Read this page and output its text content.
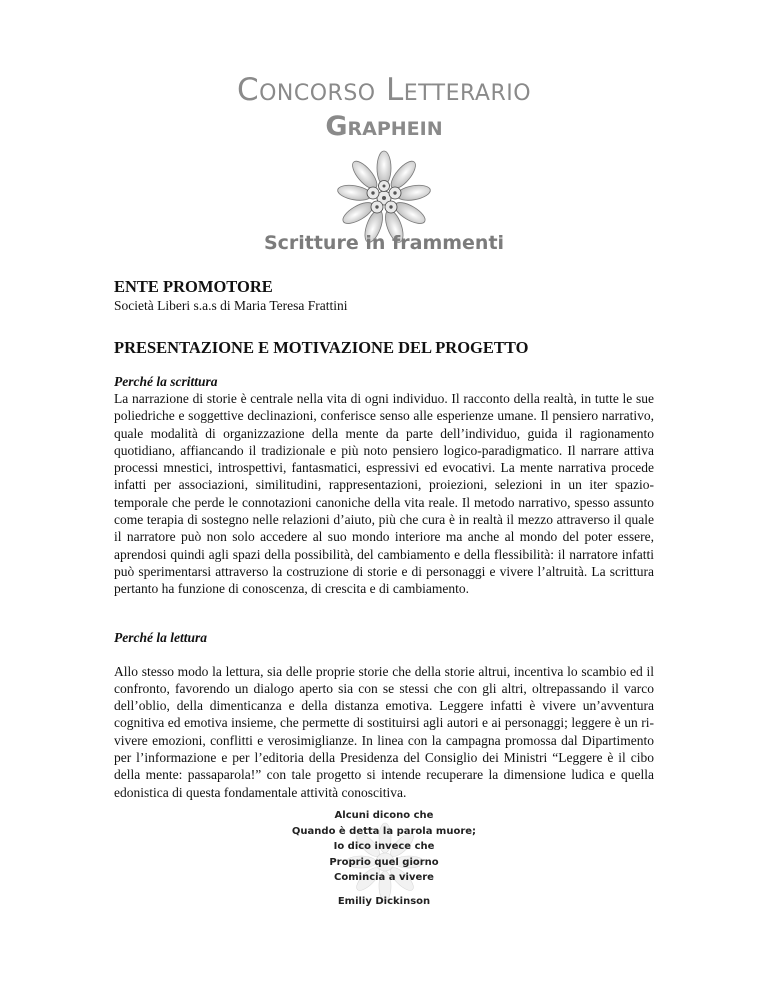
Concorso Letterario
Graphein
Scritture in frammenti

ENTE PROMOTORE

Società Liberi s.a.s di Maria Teresa Frattini

PRESENTAZIONE E MOTIVAZIONE DEL PROGETTO

Perché la scrittura

La narrazione di storie è centrale nella vita di ogni individuo. Il racconto della realtà, in tutte le sue poliedriche e soggettive declinazioni, conferisce senso alle esperienze umane. Il pensiero narrativo, quale modalità di organizzazione della mente da parte dell’individuo, guida il ragionamento quotidiano, affiancando il tradizionale e più noto pensiero logico-paradigmatico. Il narrare attiva processi mnestici, introspettivi, fantasmatici, espressivi ed evocativi. La mente narrativa procede infatti per associazioni, similitudini, rappresentazioni, proiezioni, selezioni in un iter spazio-temporale che perde le connotazioni canoniche della vita reale. Il metodo narrativo, spesso assunto come terapia di sostegno nelle relazioni d’aiuto, più che cura è in realtà il mezzo attraverso il quale il narratore può non solo accedere al suo mondo interiore ma anche al mondo del poter essere, aprendosi quindi agli spazi della possibilità, del cambiamento e della flessibilità: il narratore infatti può sperimentarsi attraverso la costruzione di storie e di personaggi e vivere l’altruità. La scrittura pertanto ha funzione di conoscenza, di crescita e di cambiamento.

Perché la lettura

Allo stesso modo la lettura, sia delle proprie storie che della storie altrui, incentiva lo scambio ed il confronto, favorendo un dialogo aperto sia con se stessi che con gli altri, oltrepassando il varco dell’oblio, della dimenticanza e della distanza emotiva. Leggere infatti è vivere un’avventura cognitiva ed emotiva insieme, che permette di sostituirsi agli autori e ai personaggi; leggere è un ri-vivere emozioni, conflitti e verosimiglianze. In linea con la campagna promossa dal Dipartimento per l’informazione e per l’editoria della Presidenza del Consiglio dei Ministri “Leggere è il cibo della mente: passaparola!” con tale progetto si intende recuperare la dimensione ludica e quella edonistica di questa fondamentale attività conoscitiva.

Alcuni dicono che
Quando è detta la parola muore;
Io dico invece che
Proprio quel giorno
Comincia a vivere
Emiliy Dickinson
